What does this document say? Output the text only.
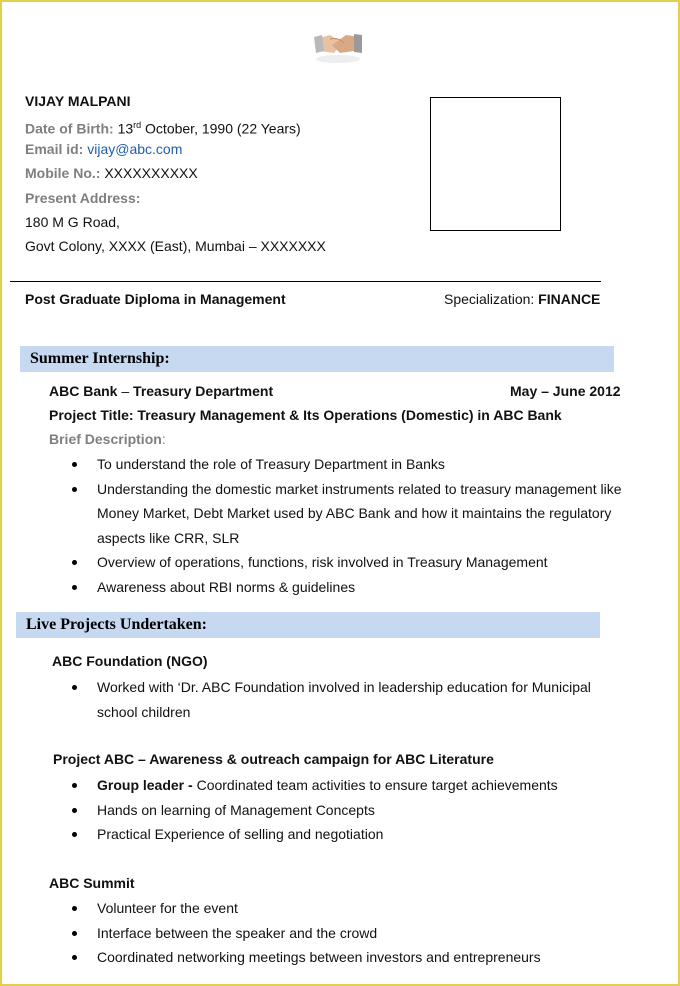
VIJAY MALPANI
Date of Birth: 13rd October, 1990 (22 Years)
Email id: vijay@abc.com
Mobile No.: XXXXXXXXXX
Present Address:
180 M G Road,
Govt Colony, XXXX (East), Mumbai – XXXXXXX
Post Graduate Diploma in Management	Specialization: FINANCE
Summer Internship:
ABC Bank – Treasury Department	May – June 2012
Project Title: Treasury Management & Its Operations (Domestic) in ABC Bank
Brief Description:
To understand the role of Treasury Department in Banks
Understanding the domestic market instruments related to treasury management like
Money Market, Debt Market used by ABC Bank and how it maintains the regulatory
aspects like CRR, SLR
Overview of operations, functions, risk involved in Treasury Management
Awareness about RBI norms & guidelines
Live Projects Undertaken:
ABC Foundation (NGO)
Worked with ‘Dr. ABC Foundation involved in leadership education for Municipal
school children
Project ABC – Awareness & outreach campaign for ABC Literature
Group leader - Coordinated team activities to ensure target achievements
Hands on learning of Management Concepts
Practical Experience of selling and negotiation
ABC Summit
Volunteer for the event
Interface between the speaker and the crowd
Coordinated networking meetings between investors and entrepreneurs
